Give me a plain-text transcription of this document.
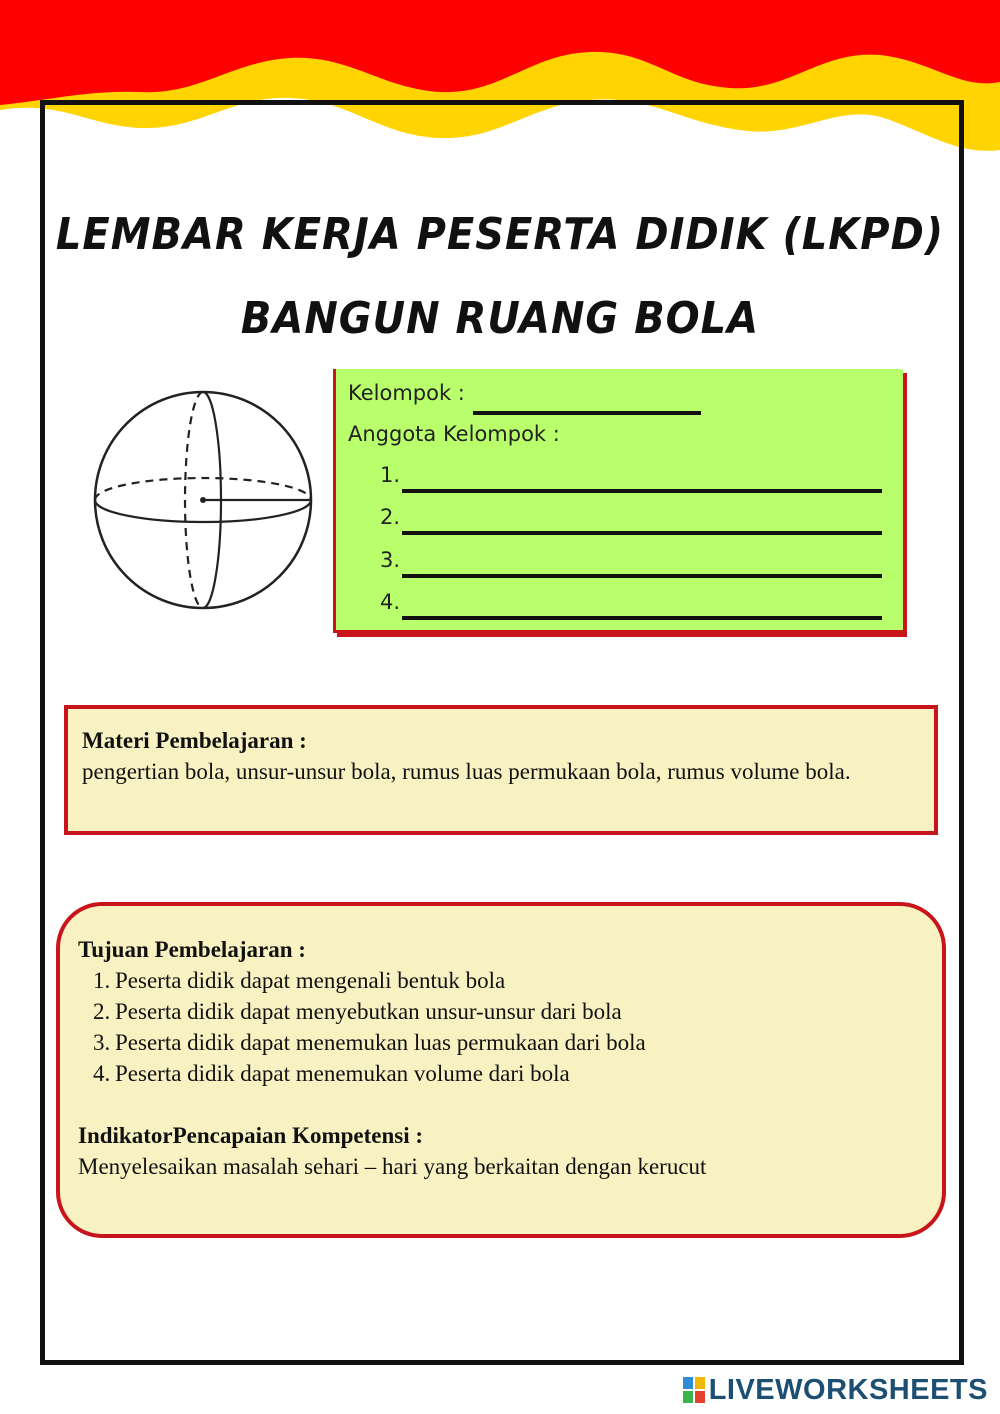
LEMBAR KERJA PESERTA DIDIK (LKPD)
BANGUN RUANG BOLA
Kelompok :
Anggota Kelompok :
1.
2.
3.
4.
Materi Pembelajaran :
pengertian bola, unsur-unsur bola, rumus luas permukaan bola, rumus volume bola.
Tujuan Pembelajaran :
1. Peserta didik dapat mengenali bentuk bola
2. Peserta didik dapat menyebutkan unsur-unsur dari bola
3. Peserta didik dapat menemukan luas permukaan dari bola
4. Peserta didik dapat menemukan volume dari bola
IndikatorPencapaian Kompetensi :
Menyelesaikan masalah sehari – hari yang berkaitan dengan kerucut
LIVEWORKSHEETS
